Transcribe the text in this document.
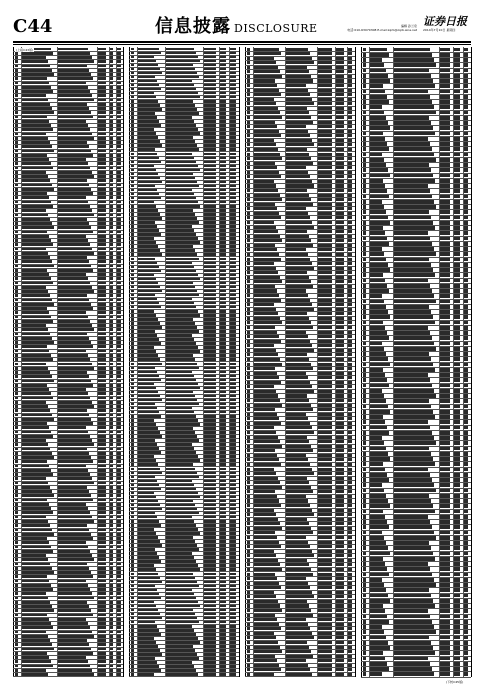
C44	信息披露 DISCLOSURE	编辑 孙兰泉
电话:010-63070308 E-mail:zqrb@zqrb.sina.net
证券日报
2014年7月10日 星期四
(上接C43版)
(下转C45版)
